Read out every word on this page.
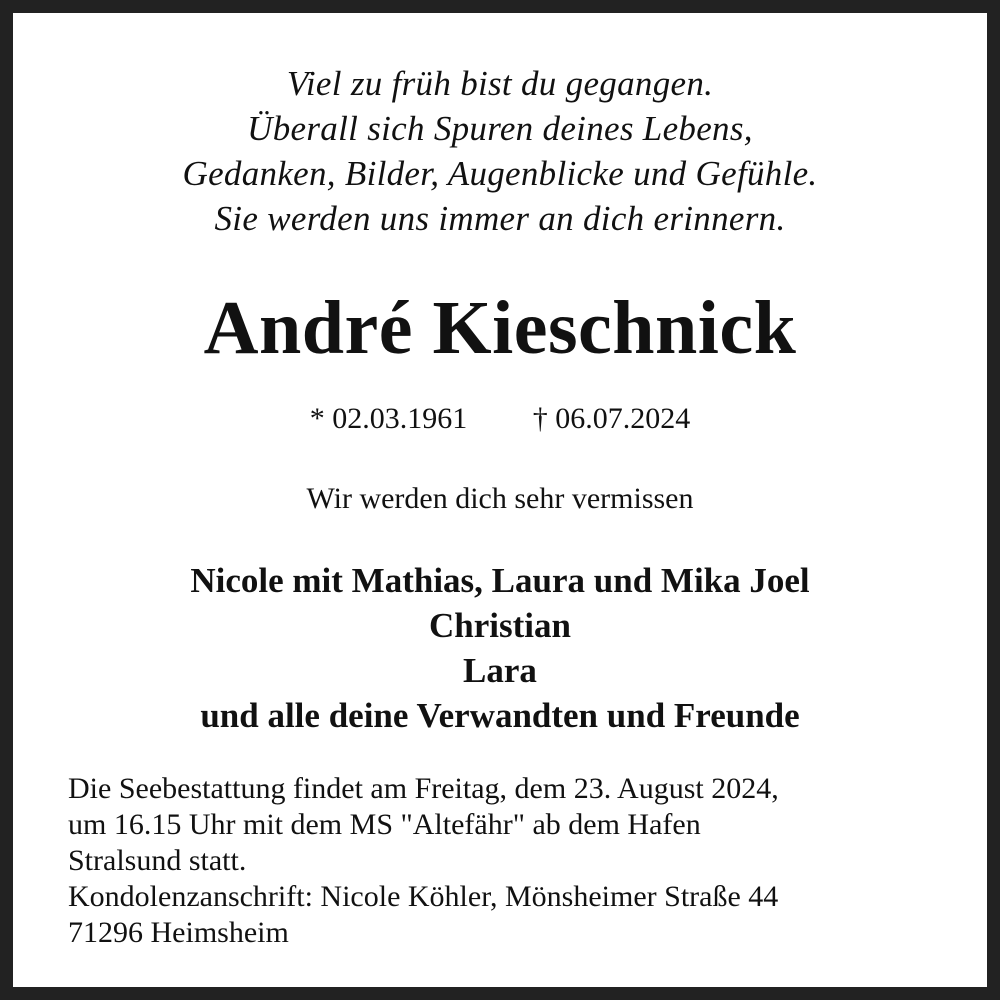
Viel zu früh bist du gegangen.
Überall sich Spuren deines Lebens,
Gedanken, Bilder, Augenblicke und Gefühle.
Sie werden uns immer an dich erinnern.
André Kieschnick
* 02.03.1961 † 06.07.2024
Wir werden dich sehr vermissen
Nicole mit Mathias, Laura und Mika Joel
Christian
Lara
und alle deine Verwandten und Freunde
Die Seebestattung findet am Freitag, dem 23. August 2024,
um 16.15 Uhr mit dem MS "Altefähr" ab dem Hafen
Stralsund statt.
Kondolenzanschrift: Nicole Köhler, Mönsheimer Straße 44
71296 Heimsheim
